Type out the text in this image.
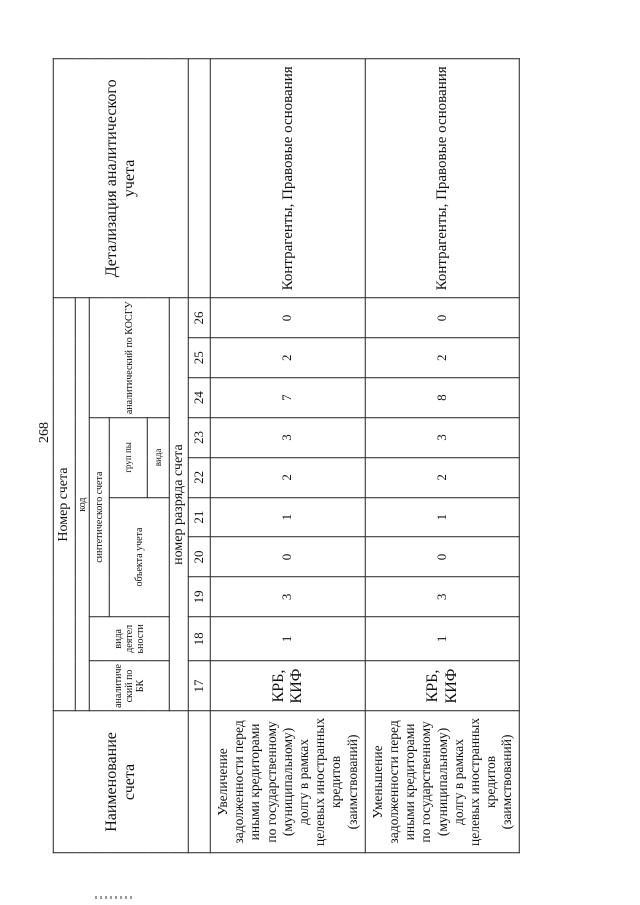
268
Наименование счета	Номер счета										Детализация аналитического учета
	код										
	аналитиче ский по БК	вида деятел ьности	синтетического счета					аналитический по КОСГУ			
			объекта учета			груп пы					
						вида					
	номер разряда счета										
	17	18	19	20	21	22	23	24	25	26	
Увеличение задолженности перед иными кредиторами по государственному (муниципальному) долгу в рамках целевых иностранных кредитов (заимствований)	КРБ, КИФ	1	3	0	1	2	3	7	2	0	Контрагенты, Правовые основания
Уменьшение задолженности перед иными кредиторами по государственному (муниципальному) долгу в рамках целевых иностранных кредитов (заимствований)	КРБ, КИФ	1	3	0	1	2	3	8	2	0	Контрагенты, Правовые основания
